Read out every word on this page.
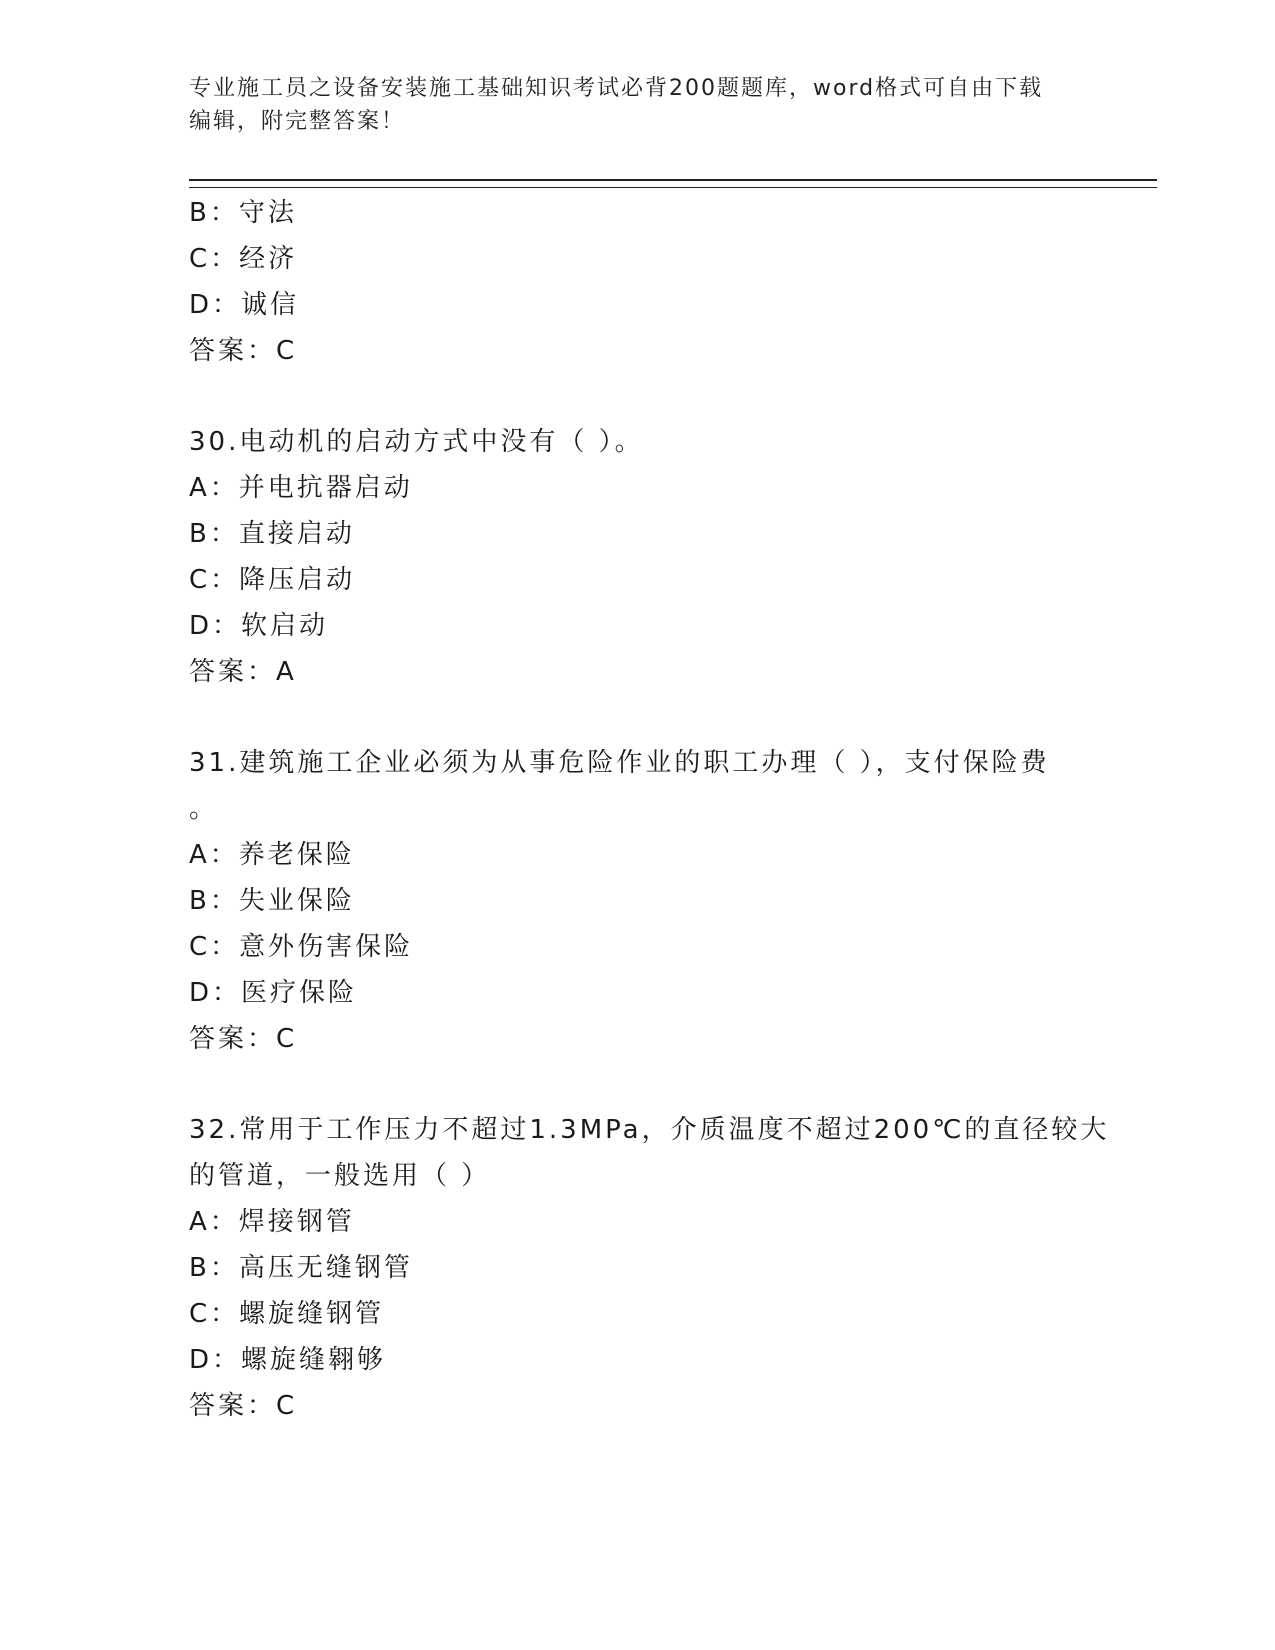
专业施工员之设备安装施工基础知识考试必背200题题库，word格式可自由下载
编辑，附完整答案！
B：守法
C：经济
D：诚信
答案：C
30.电动机的启动方式中没有（ ）。
A：并电抗器启动
B：直接启动
C：降压启动
D：软启动
答案：A
31.建筑施工企业必须为从事危险作业的职工办理（ ），支付保险费
。
A：养老保险
B：失业保险
C：意外伤害保险
D：医疗保险
答案：C
32.常用于工作压力不超过1.3MPa，介质温度不超过200℃的直径较大
的管道，一般选用（ ）
A：焊接钢管
B：高压无缝钢管
C：螺旋缝钢管
D：螺旋缝翱够
答案：C
